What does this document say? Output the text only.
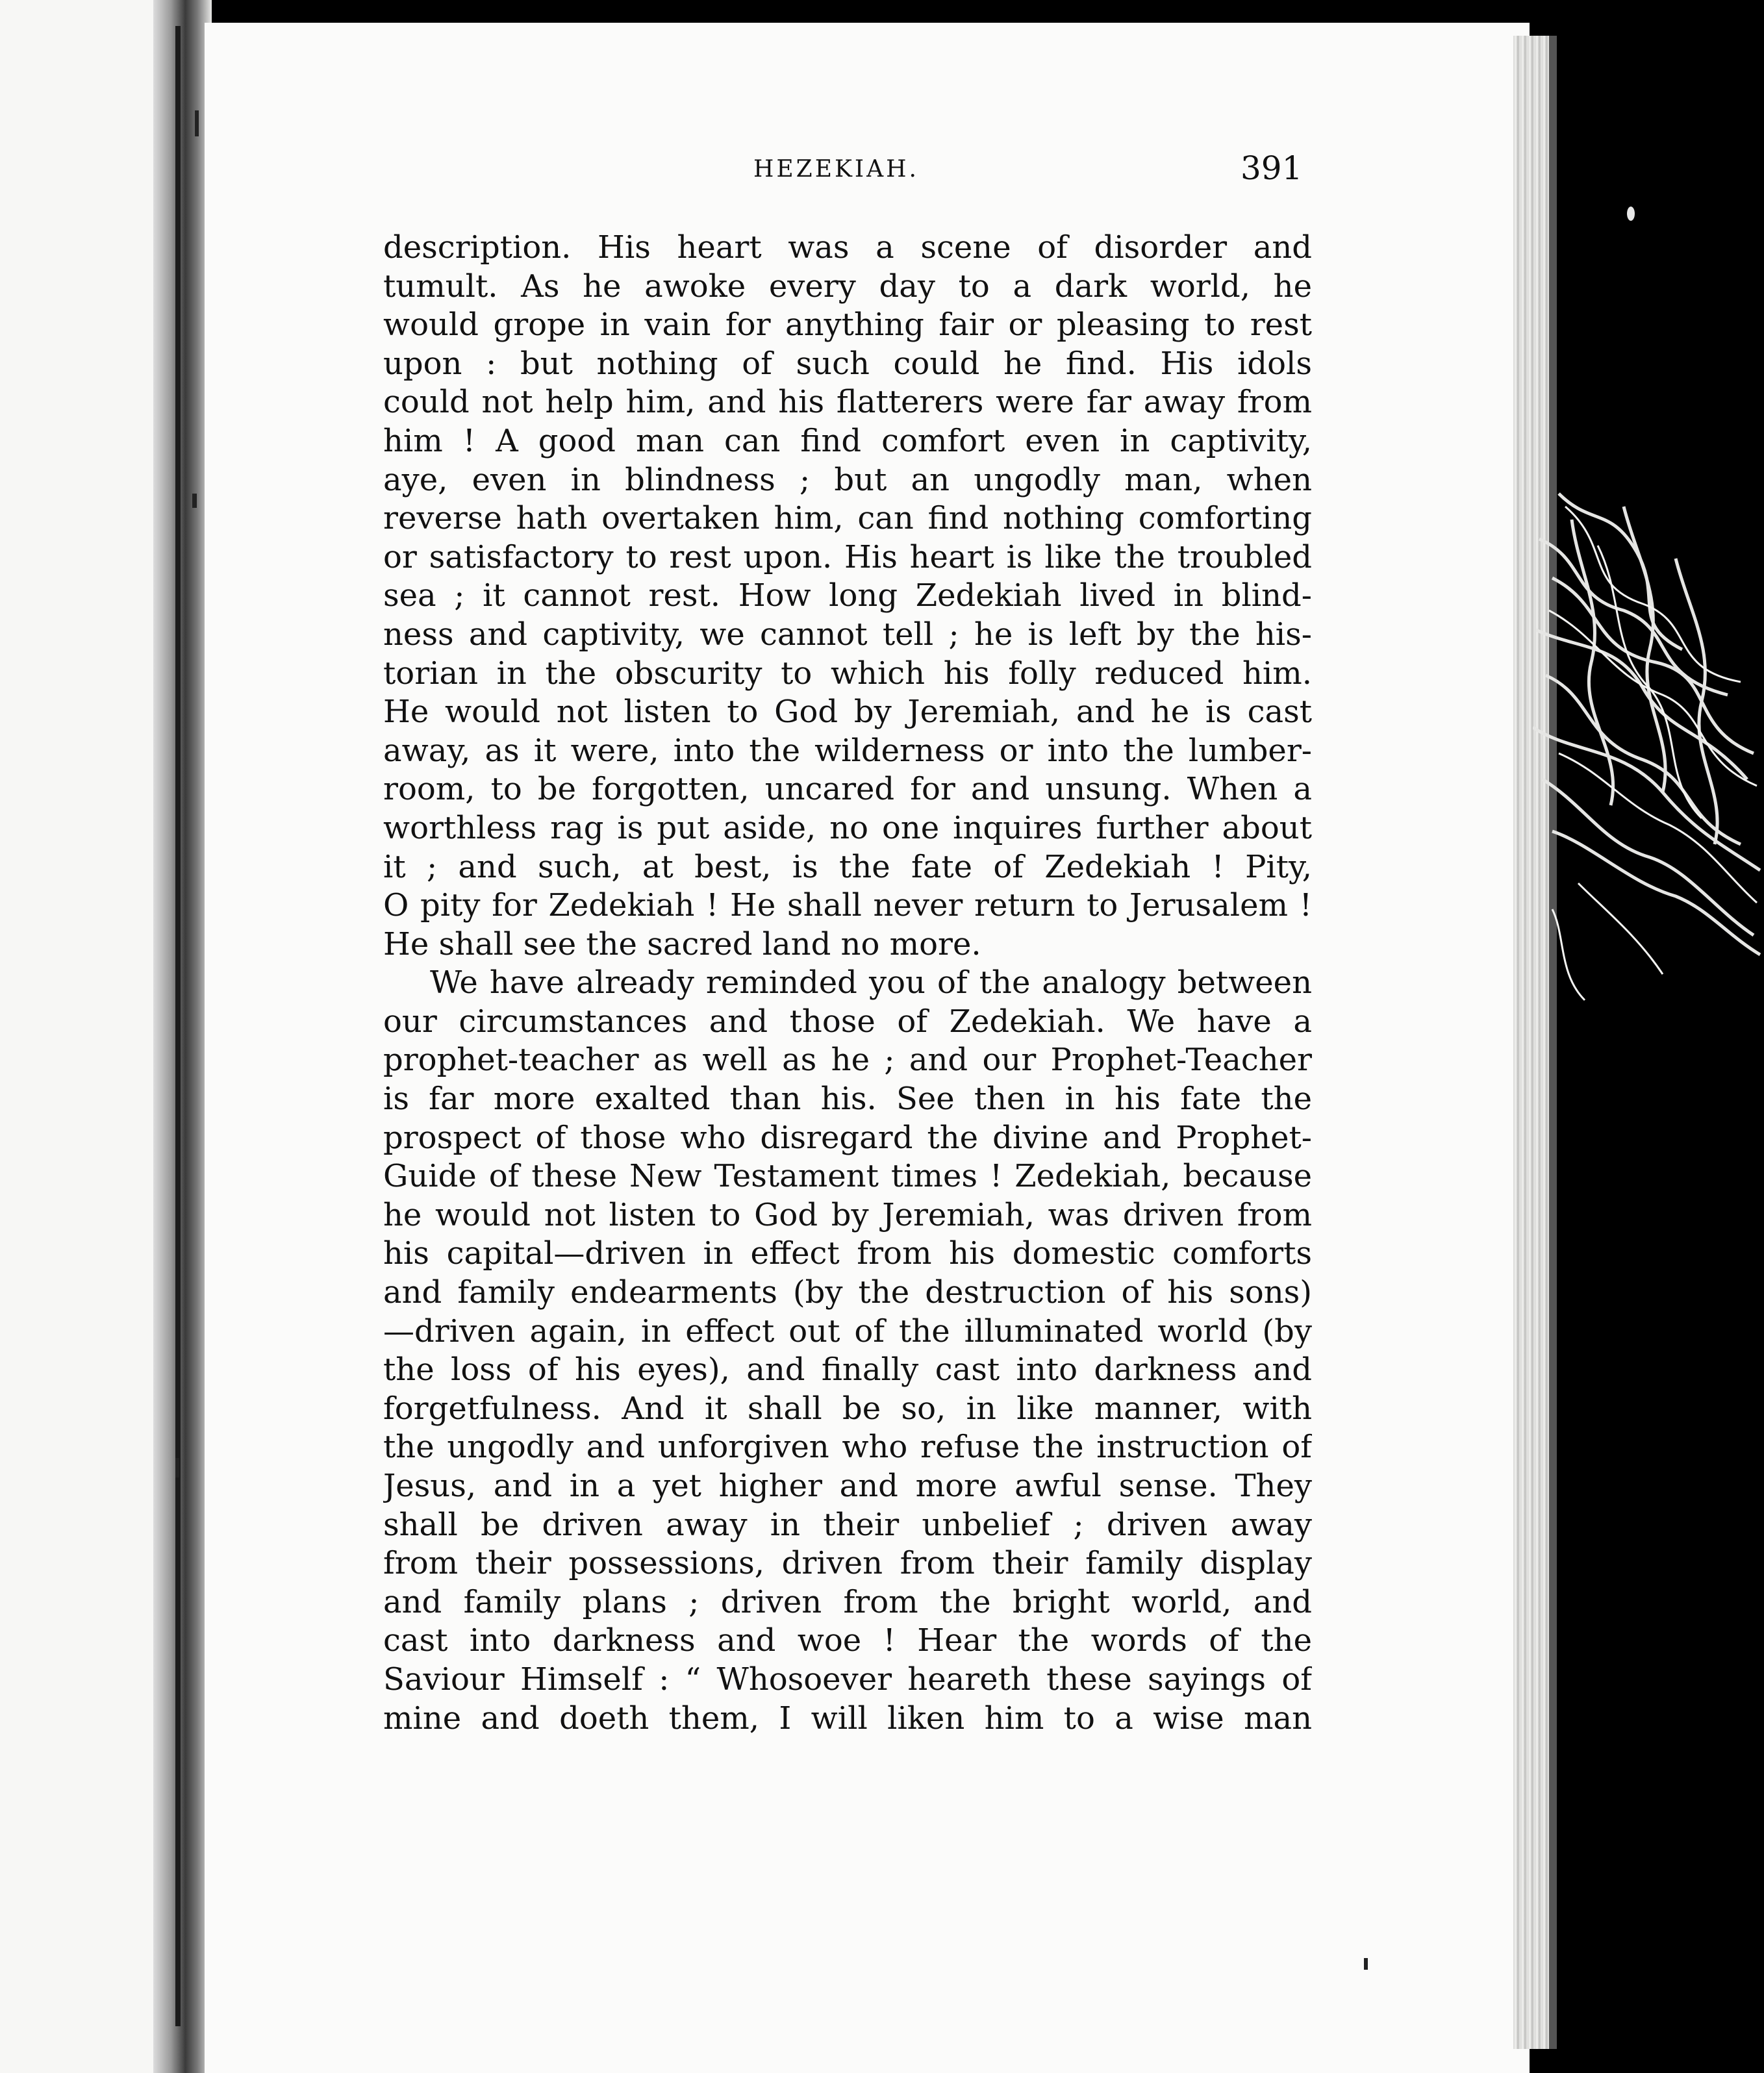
HEZEKIAH.	391
description. His heart was a scene of disorder and
tumult. As he awoke every day to a dark world, he
would grope in vain for anything fair or pleasing to rest
upon : but nothing of such could he find. His idols
could not help him, and his flatterers were far away from
him ! A good man can find comfort even in captivity,
aye, even in blindness ; but an ungodly man, when
reverse hath overtaken him, can find nothing comforting
or satisfactory to rest upon. His heart is like the troubled
sea ; it cannot rest. How long Zedekiah lived in blind-
ness and captivity, we cannot tell ; he is left by the his-
torian in the obscurity to which his folly reduced him.
He would not listen to God by Jeremiah, and he is cast
away, as it were, into the wilderness or into the lumber-
room, to be forgotten, uncared for and unsung. When a
worthless rag is put aside, no one inquires further about
it ; and such, at best, is the fate of Zedekiah ! Pity,
O pity for Zedekiah ! He shall never return to Jerusalem !
He shall see the sacred land no more.
We have already reminded you of the analogy between
our circumstances and those of Zedekiah. We have a
prophet-teacher as well as he ; and our Prophet-Teacher
is far more exalted than his. See then in his fate the
prospect of those who disregard the divine and Prophet-
Guide of these New Testament times ! Zedekiah, because
he would not listen to God by Jeremiah, was driven from
his capital—driven in effect from his domestic comforts
and family endearments (by the destruction of his sons)
—driven again, in effect out of the illuminated world (by
the loss of his eyes), and finally cast into darkness and
forgetfulness. And it shall be so, in like manner, with
the ungodly and unforgiven who refuse the instruction of
Jesus, and in a yet higher and more awful sense. They
shall be driven away in their unbelief ; driven away
from their possessions, driven from their family display
and family plans ; driven from the bright world, and
cast into darkness and woe ! Hear the words of the
Saviour Himself : “ Whosoever heareth these sayings of
mine and doeth them, I will liken him to a wise man
